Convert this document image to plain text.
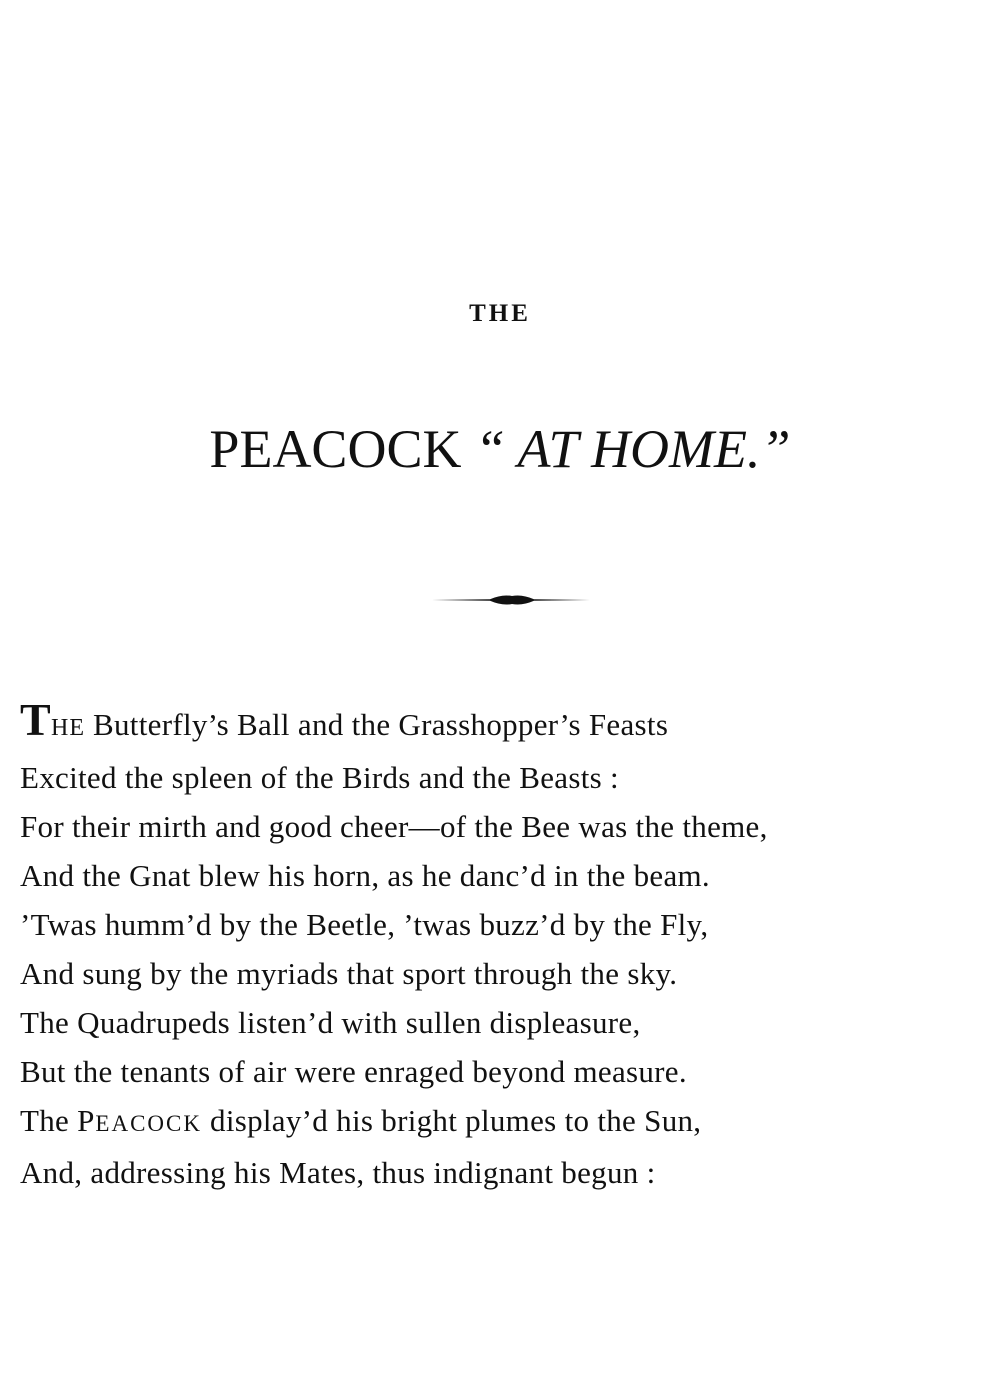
THE
PEACOCK “ AT HOME.”
THE Butterfly’s Ball and the Grasshopper’s Feasts
Excited the spleen of the Birds and the Beasts :
For their mirth and good cheer—of the Bee was the theme,
And the Gnat blew his horn, as he danc’d in the beam.
’Twas humm’d by the Beetle, ’twas buzz’d by the Fly,
And sung by the myriads that sport through the sky.
The Quadrupeds listen’d with sullen displeasure,
But the tenants of air were enraged beyond measure.
The PEACOCK display’d his bright plumes to the Sun,
And, addressing his Mates, thus indignant begun :
